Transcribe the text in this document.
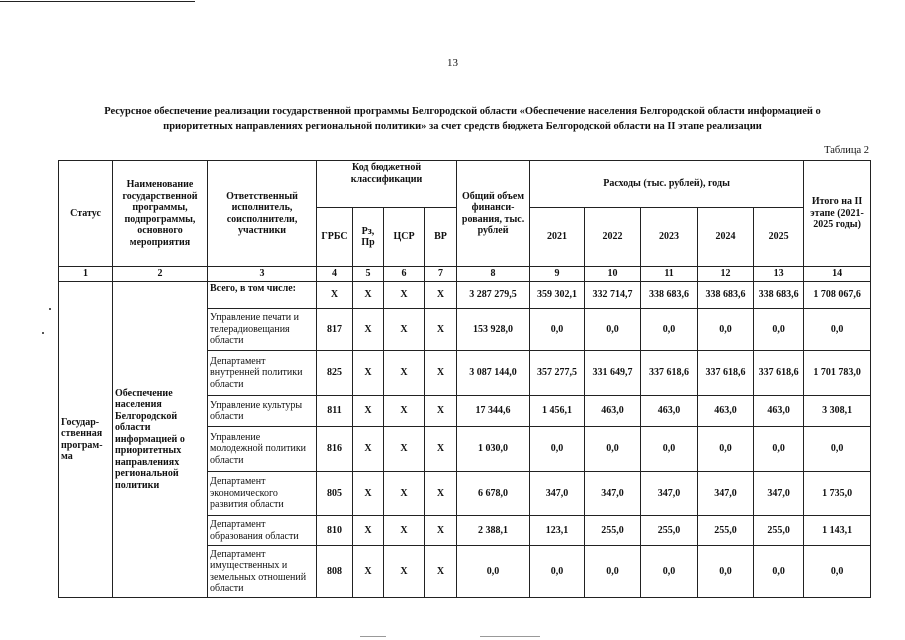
13
Ресурсное обеспечение реализации государственной программы Белгородской области «Обеспечение населения Белгородской области информацией о
приоритетных направлениях региональной политики» за счет средств бюджета Белгородской области на II этапе реализации
Таблица 2
Статус	Наименование государственной программы, подпрограммы, основного мероприятия	Ответственный исполнитель, соисполнители, участники	Код бюджетной классификации				Общий объем финанси-рования, тыс. рублей	Расходы (тыс. рублей), годы					Итого на II этапе (2021-2025 годы)
			ГРБС	Рз, Пр	ЦСР	ВР		2021	2022	2023	2024	2025	
1	2	3	4	5	6	7	8	9	10	11	12	13	14
Государ-ственная програм-ма	Обеспечение населения Белгородской области информацией о приоритетных направлениях региональной политики	Всего, в том числе:	Х	Х	Х	Х	3 287 279,5	359 302,1	332 714,7	338 683,6	338 683,6	338 683,6	1 708 067,6
		Управление печати и телерадиовещания области	817	Х	Х	Х	153 928,0	0,0	0,0	0,0	0,0	0,0	0,0
		Департамент внутренней политики области	825	Х	Х	Х	3 087 144,0	357 277,5	331 649,7	337 618,6	337 618,6	337 618,6	1 701 783,0
		Управление культуры области	811	Х	Х	Х	17 344,6	1 456,1	463,0	463,0	463,0	463,0	3 308,1
		Управление молодежной политики области	816	Х	Х	Х	1 030,0	0,0	0,0	0,0	0,0	0,0	0,0
		Департамент экономического развития области	805	Х	Х	Х	6 678,0	347,0	347,0	347,0	347,0	347,0	1 735,0
		Департамент образования области	810	Х	Х	Х	2 388,1	123,1	255,0	255,0	255,0	255,0	1 143,1
		Департамент имущественных и земельных отношений области	808	Х	Х	Х	0,0	0,0	0,0	0,0	0,0	0,0	0,0
